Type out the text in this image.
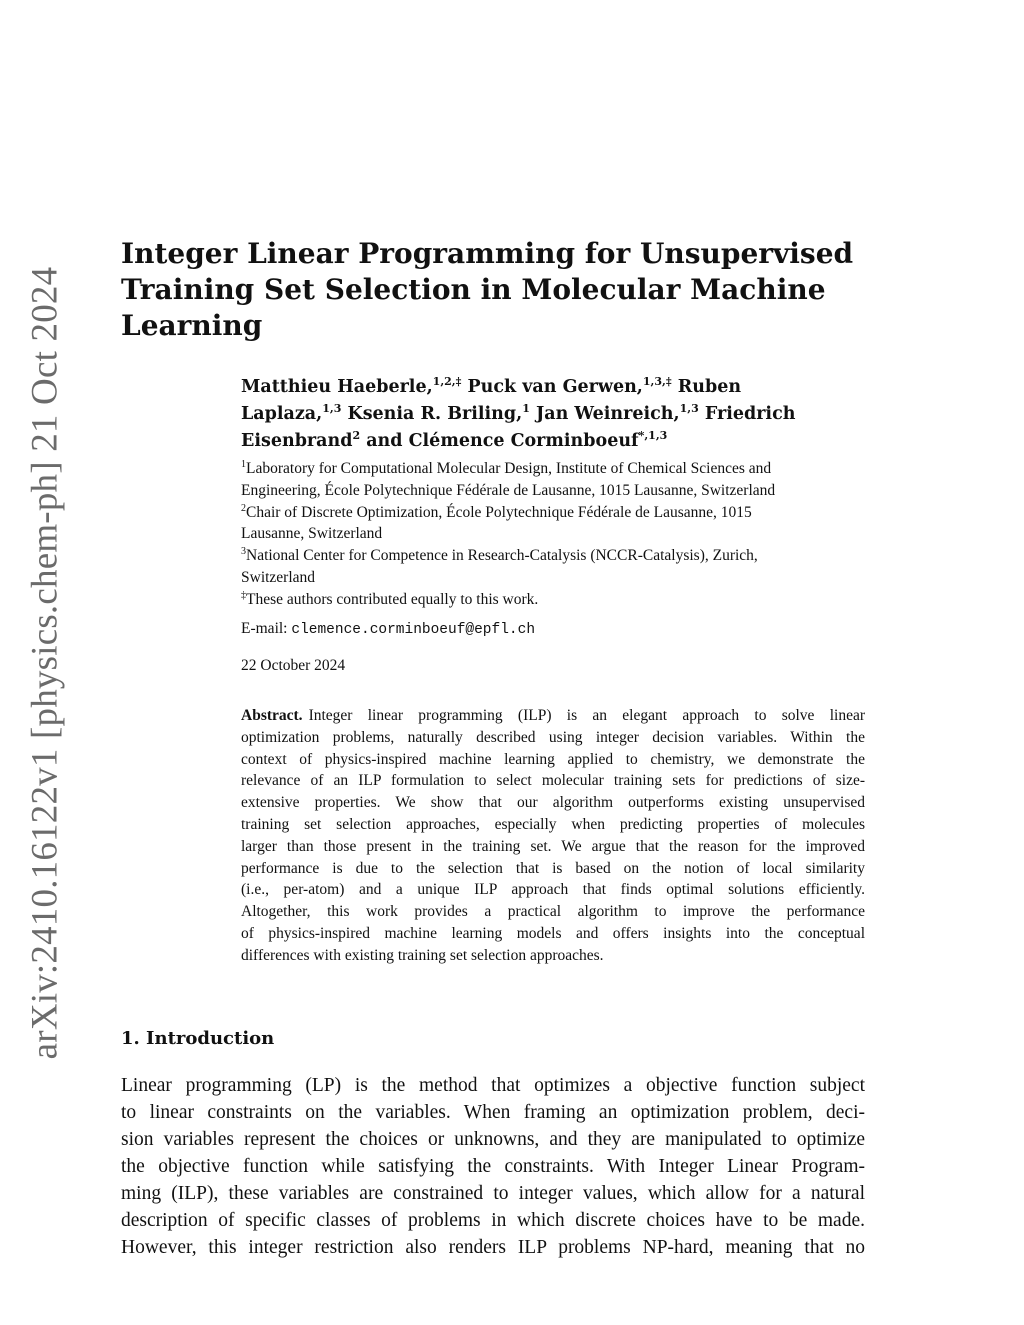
arXiv:2410.16122v1 [physics.chem-ph] 21 Oct 2024
Integer Linear Programming for Unsupervised
Training Set Selection in Molecular Machine
Learning
Matthieu Haeberle,$^{1,2,\ddagger}$ Puck van Gerwen,$^{1,3,\ddagger}$ Ruben
Laplaza,$^{1,3}$ Ksenia R. Briling,$^1$ Jan Weinreich,$^{1,3}$ Friedrich
Eisenbrand$^2$ and Clémence Corminboeuf$^{*,1,3}$
$^1$Laboratory for Computational Molecular Design, Institute of Chemical Sciences and
Engineering, École Polytechnique Fédérale de Lausanne, 1015 Lausanne, Switzerland
$^2$Chair of Discrete Optimization, École Polytechnique Fédérale de Lausanne, 1015
Lausanne, Switzerland
$^3$National Center for Competence in Research-Catalysis (NCCR-Catalysis), Zurich,
Switzerland
‡These authors contributed equally to this work.
E-mail: clemence.corminboeuf@epfl.ch
22 October 2024
Abstract. Integer linear programming (ILP) is an elegant approach to solve linear
optimization problems, naturally described using integer decision variables. Within the
context of physics-inspired machine learning applied to chemistry, we demonstrate the
relevance of an ILP formulation to select molecular training sets for predictions of size-
extensive properties. We show that our algorithm outperforms existing unsupervised
training set selection approaches, especially when predicting properties of molecules
larger than those present in the training set. We argue that the reason for the improved
performance is due to the selection that is based on the notion of local similarity
(i.e., per-atom) and a unique ILP approach that finds optimal solutions efficiently.
Altogether, this work provides a practical algorithm to improve the performance
of physics-inspired machine learning models and offers insights into the conceptual
differences with existing training set selection approaches.
1. Introduction
Linear programming (LP) is the method that optimizes a objective function subject
to linear constraints on the variables. When framing an optimization problem, deci-
sion variables represent the choices or unknowns, and they are manipulated to optimize
the objective function while satisfying the constraints. With Integer Linear Program-
ming (ILP), these variables are constrained to integer values, which allow for a natural
description of specific classes of problems in which discrete choices have to be made.
However, this integer restriction also renders ILP problems NP-hard, meaning that no
